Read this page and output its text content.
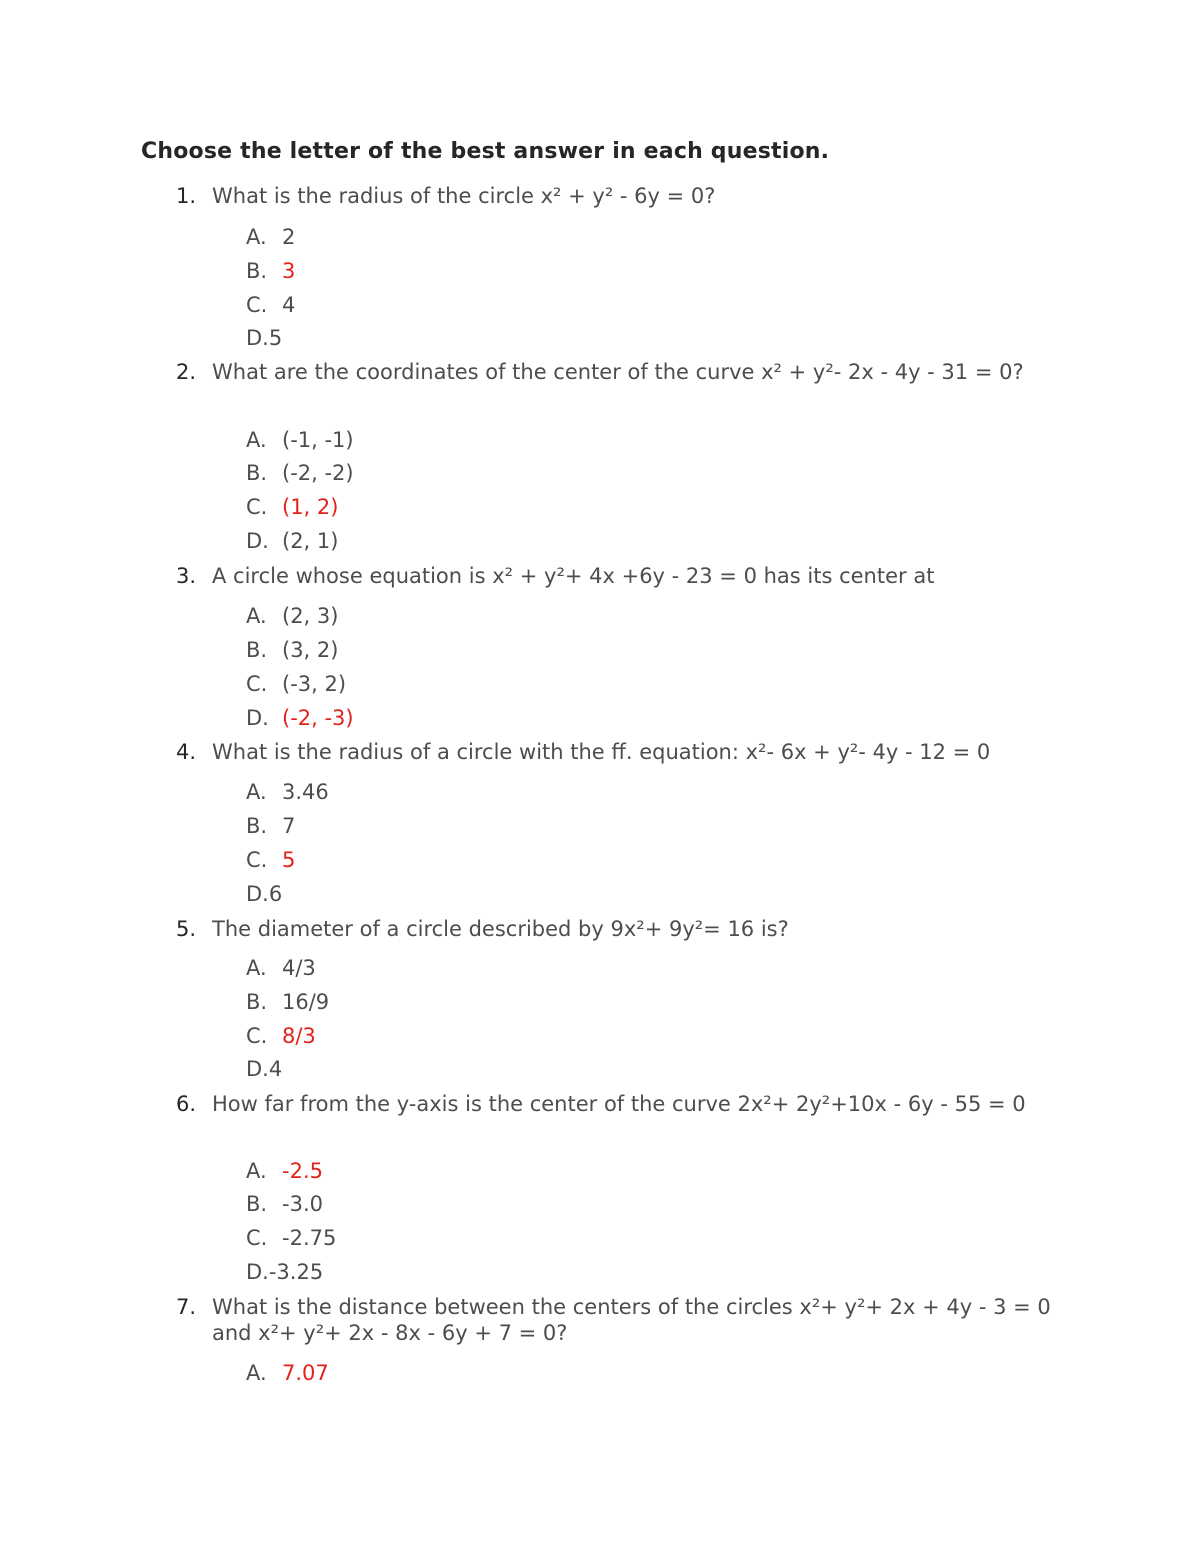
Choose the letter of the best answer in each question.
1. What is the radius of the circle x² + y² - 6y = 0?
A. 2
B. 3
C. 4
D.5
2. What are the coordinates of the center of the curve x² + y²- 2x - 4y - 31 = 0?
A. (-1, -1)
B. (-2, -2)
C. (1, 2)
D. (2, 1)
3. A circle whose equation is x² + y²+ 4x +6y - 23 = 0 has its center at
A. (2, 3)
B. (3, 2)
C. (-3, 2)
D. (-2, -3)
4. What is the radius of a circle with the ff. equation: x²- 6x + y²- 4y - 12 = 0
A. 3.46
B. 7
C. 5
D.6
5. The diameter of a circle described by 9x²+ 9y²= 16 is?
A. 4/3
B. 16/9
C. 8/3
D.4
6. How far from the y-axis is the center of the curve 2x²+ 2y²+10x - 6y - 55 = 0
A. -2.5
B. -3.0
C. -2.75
D.-3.25
7. What is the distance between the centers of the circles x²+ y²+ 2x + 4y - 3 = 0 and x²+ y²+ 2x - 8x - 6y + 7 = 0?
A. 7.07
